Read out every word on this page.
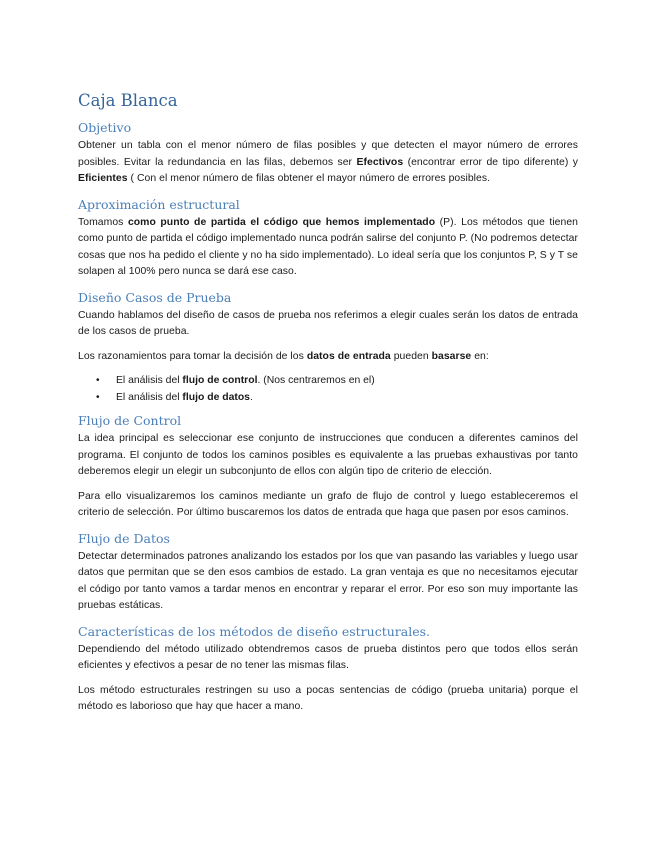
Caja Blanca
Objetivo

Obtener un tabla con el menor número de filas posibles y que detecten el mayor número de errores posibles. Evitar la redundancia en las filas, debemos ser Efectivos (encontrar error de tipo diferente) y Eficientes ( Con el menor número de filas obtener el mayor número de errores posibles.

Aproximación estructural

Tomamos como punto de partida el código que hemos implementado (P). Los métodos que tienen como punto de partida el código implementado nunca podrán salirse del conjunto P. (No podremos detectar cosas que nos ha pedido el cliente y no ha sido implementado). Lo ideal sería que los conjuntos P, S y T se solapen al 100% pero nunca se dará ese caso.

Diseño Casos de Prueba

Cuando hablamos del diseño de casos de prueba nos referimos a elegir cuales serán los datos de entrada de los casos de prueba.

Los razonamientos para tomar la decisión de los datos de entrada pueden basarse en:

• El análisis del flujo de control. (Nos centraremos en el)
• El análisis del flujo de datos.
Flujo de Control

La idea principal es seleccionar ese conjunto de instrucciones que conducen a diferentes caminos del programa. El conjunto de todos los caminos posibles es equivalente a las pruebas exhaustivas por tanto deberemos elegir un elegir un subconjunto de ellos con algún tipo de criterio de elección.

Para ello visualizaremos los caminos mediante un grafo de flujo de control y luego estableceremos el criterio de selección. Por último buscaremos los datos de entrada que haga que pasen por esos caminos.

Flujo de Datos

Detectar determinados patrones analizando los estados por los que van pasando las variables y luego usar datos que permitan que se den esos cambios de estado. La gran ventaja es que no necesitamos ejecutar el código por tanto vamos a tardar menos en encontrar y reparar el error. Por eso son muy importante las pruebas estáticas.

Características de los métodos de diseño estructurales.

Dependiendo del método utilizado obtendremos casos de prueba distintos pero que todos ellos serán eficientes y efectivos a pesar de no tener las mismas filas.

Los método estructurales restringen su uso a pocas sentencias de código (prueba unitaria) porque el método es laborioso que hay que hacer a mano.
